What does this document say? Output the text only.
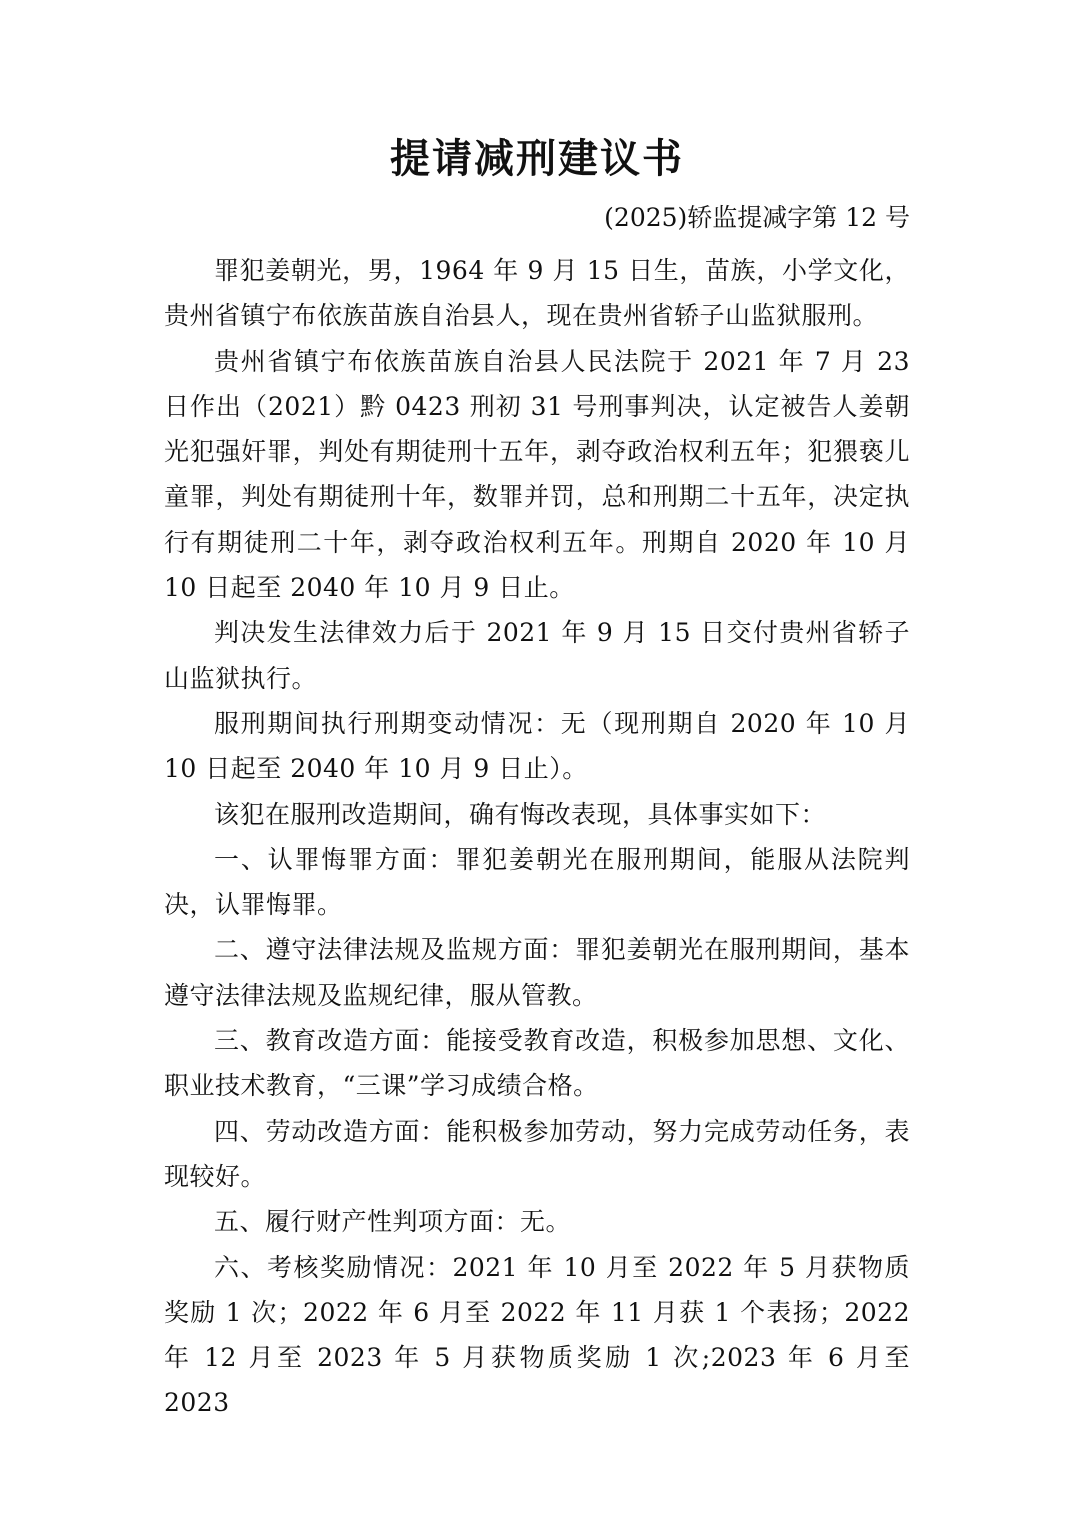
提请减刑建议书
(2025)轿监提减字第 12 号

罪犯姜朝光，男，1964 年 9 月 15 日生，苗族，小学文化，贵州省镇宁布依族苗族自治县人，现在贵州省轿子山监狱服刑。

贵州省镇宁布依族苗族自治县人民法院于 2021 年 7 月 23 日作出（2021）黔 0423 刑初 31 号刑事判决，认定被告人姜朝光犯强奸罪，判处有期徒刑十五年，剥夺政治权利五年；犯猥亵儿童罪，判处有期徒刑十年，数罪并罚，总和刑期二十五年，决定执行有期徒刑二十年，剥夺政治权利五年。刑期自 2020 年 10 月 10 日起至 2040 年 10 月 9 日止。

判决发生法律效力后于 2021 年 9 月 15 日交付贵州省轿子山监狱执行。

服刑期间执行刑期变动情况：无（现刑期自 2020 年 10 月 10 日起至 2040 年 10 月 9 日止）。

该犯在服刑改造期间，确有悔改表现，具体事实如下：

一、认罪悔罪方面：罪犯姜朝光在服刑期间，能服从法院判决，认罪悔罪。

二、遵守法律法规及监规方面：罪犯姜朝光在服刑期间，基本遵守法律法规及监规纪律，服从管教。

三、教育改造方面：能接受教育改造，积极参加思想、文化、职业技术教育，“三课”学习成绩合格。

四、劳动改造方面：能积极参加劳动，努力完成劳动任务，表现较好。

五、履行财产性判项方面：无。

六、考核奖励情况：2021 年 10 月至 2022 年 5 月获物质奖励 1 次；2022 年 6 月至 2022 年 11 月获 1 个表扬；2022 年 12 月至 2023 年 5 月获物质奖励 1 次;2023 年 6 月至 2023
